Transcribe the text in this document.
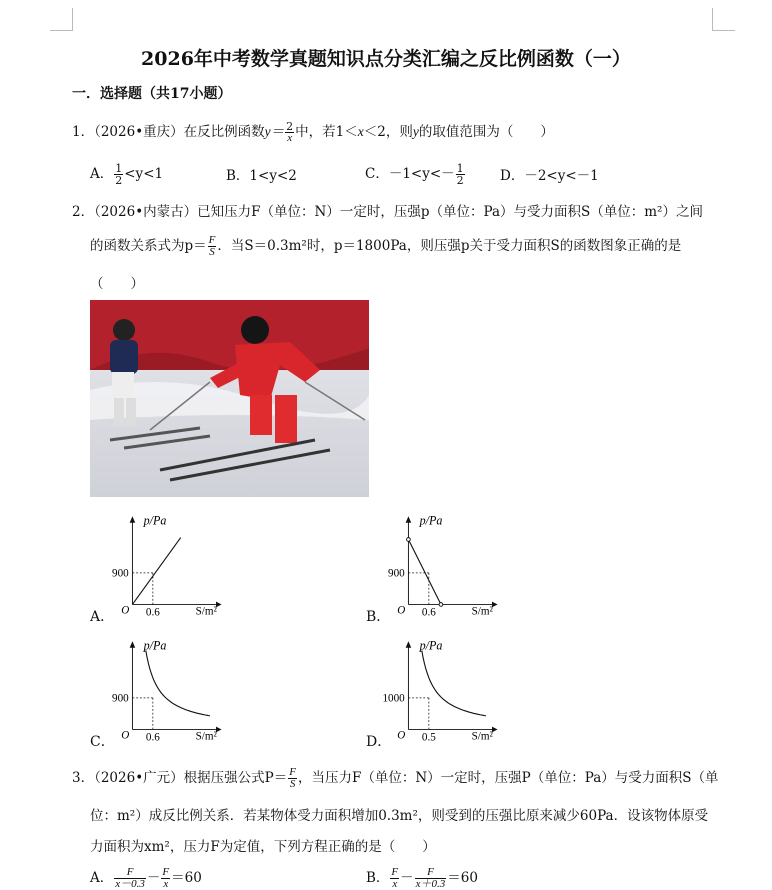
2026年中考数学真题知识点分类汇编之反比例函数（一）
一．选择题（共17小题）
1．（2026•重庆）在反比例函数$y= \frac{2}{x}$ 中，若1＜x＜2，则y的取值范围为（　　）
A． $\frac{1}{2} <y<1$	B．1<y<2	C．$-1<y<- \frac{1}{2}$	D．－2<y<－1
2．（2026•内蒙古）已知压力F（单位：N）一定时，压强p（单位：Pa）与受力面积S（单位：m²）之间
的函数关系式为$p= \frac{F}{S}$ ．当S＝0.3m²时，p＝1800Pa，则压强p关于受力面积S的函数图象正确的是
（　　）
A．
p/Pa
S/m²
O
900
0.6	B．
p/Pa
S/m²
O
900
0.6
C．
p/Pa
S/m²
O
900
0.6	D．
p/Pa
S/m²
O
1000
0.5
3．（2026•广元）根据压强公式$P= \frac{F}{S}$ ，当压力F（单位：N）一定时，压强P（单位：Pa）与受力面积S（单
位：m²）成反比例关系．若某物体受力面积增加0.3m²，则受到的压强比原来减少60Pa．设该物体原受
力面积为xm²，压力F为定值，下列方程正确的是（　　）
A． $\frac{F}{x-0.3} - \frac{F}{x} =60$	B． $\frac{F}{x} - \frac{F}{x+0.3} =60$
